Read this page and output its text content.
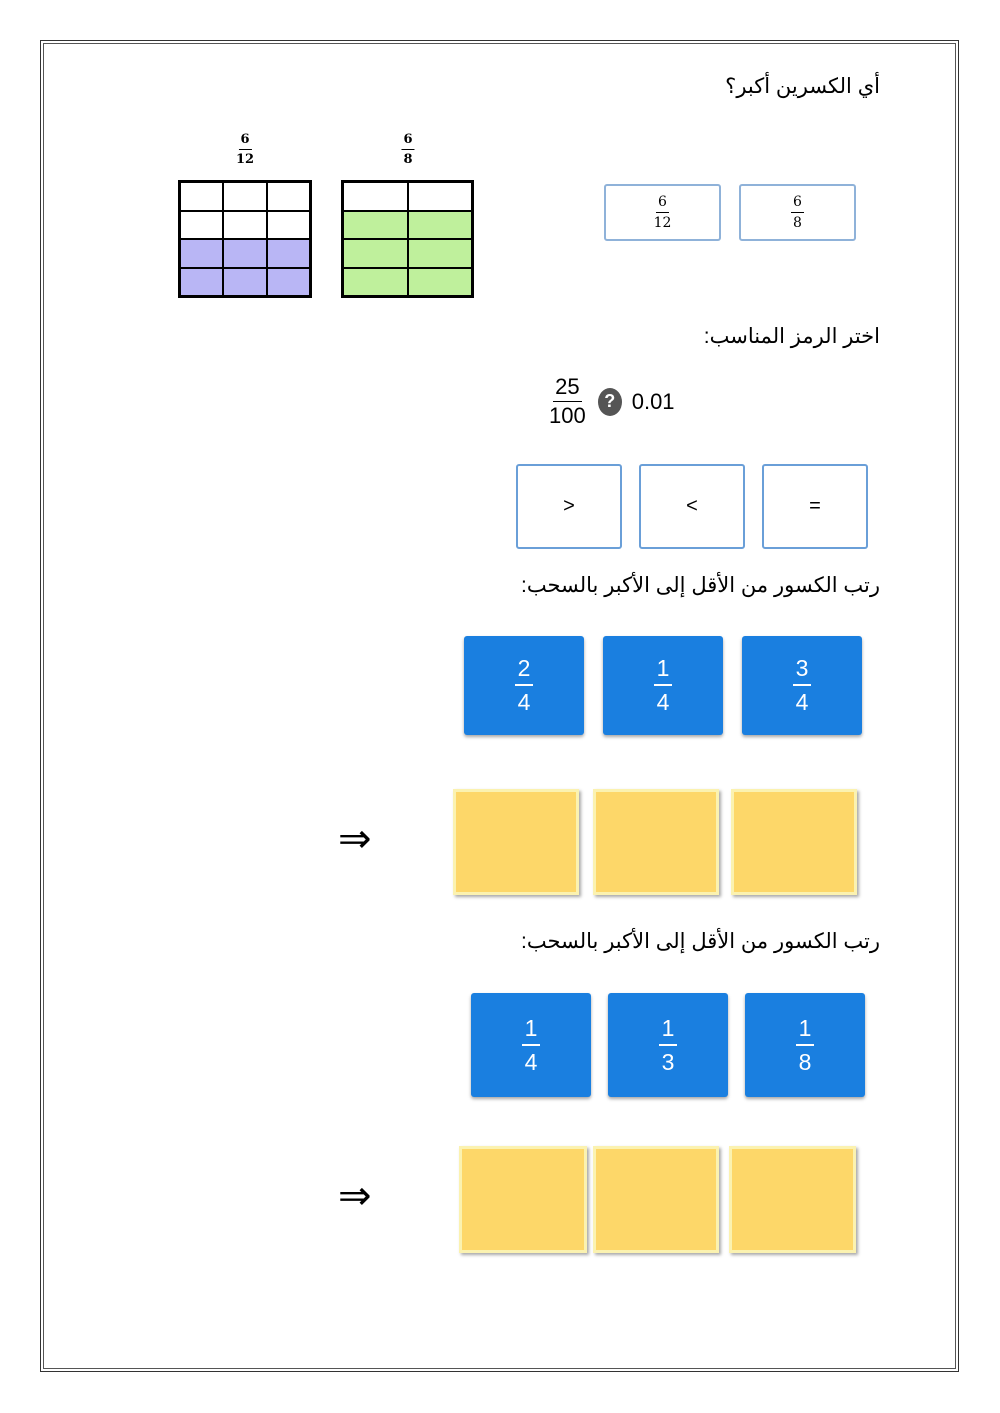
أي الكسرين أكبر؟
$\frac{6}{12}$	$\frac{6}{8}$
$\frac{6}{12}$	$\frac{6}{8}$
اختر الرمز المناسب:
$\frac{25}{100}$	? 0.01
>	<	=
رتب الكسور من الأقل إلى الأكبر بالسحب:
$\frac{2}{4}$	$\frac{1}{4}$	$\frac{3}{4}$
⇒
رتب الكسور من الأقل إلى الأكبر بالسحب:
$\frac{1}{4}$	$\frac{1}{3}$	$\frac{1}{8}$
⇒
